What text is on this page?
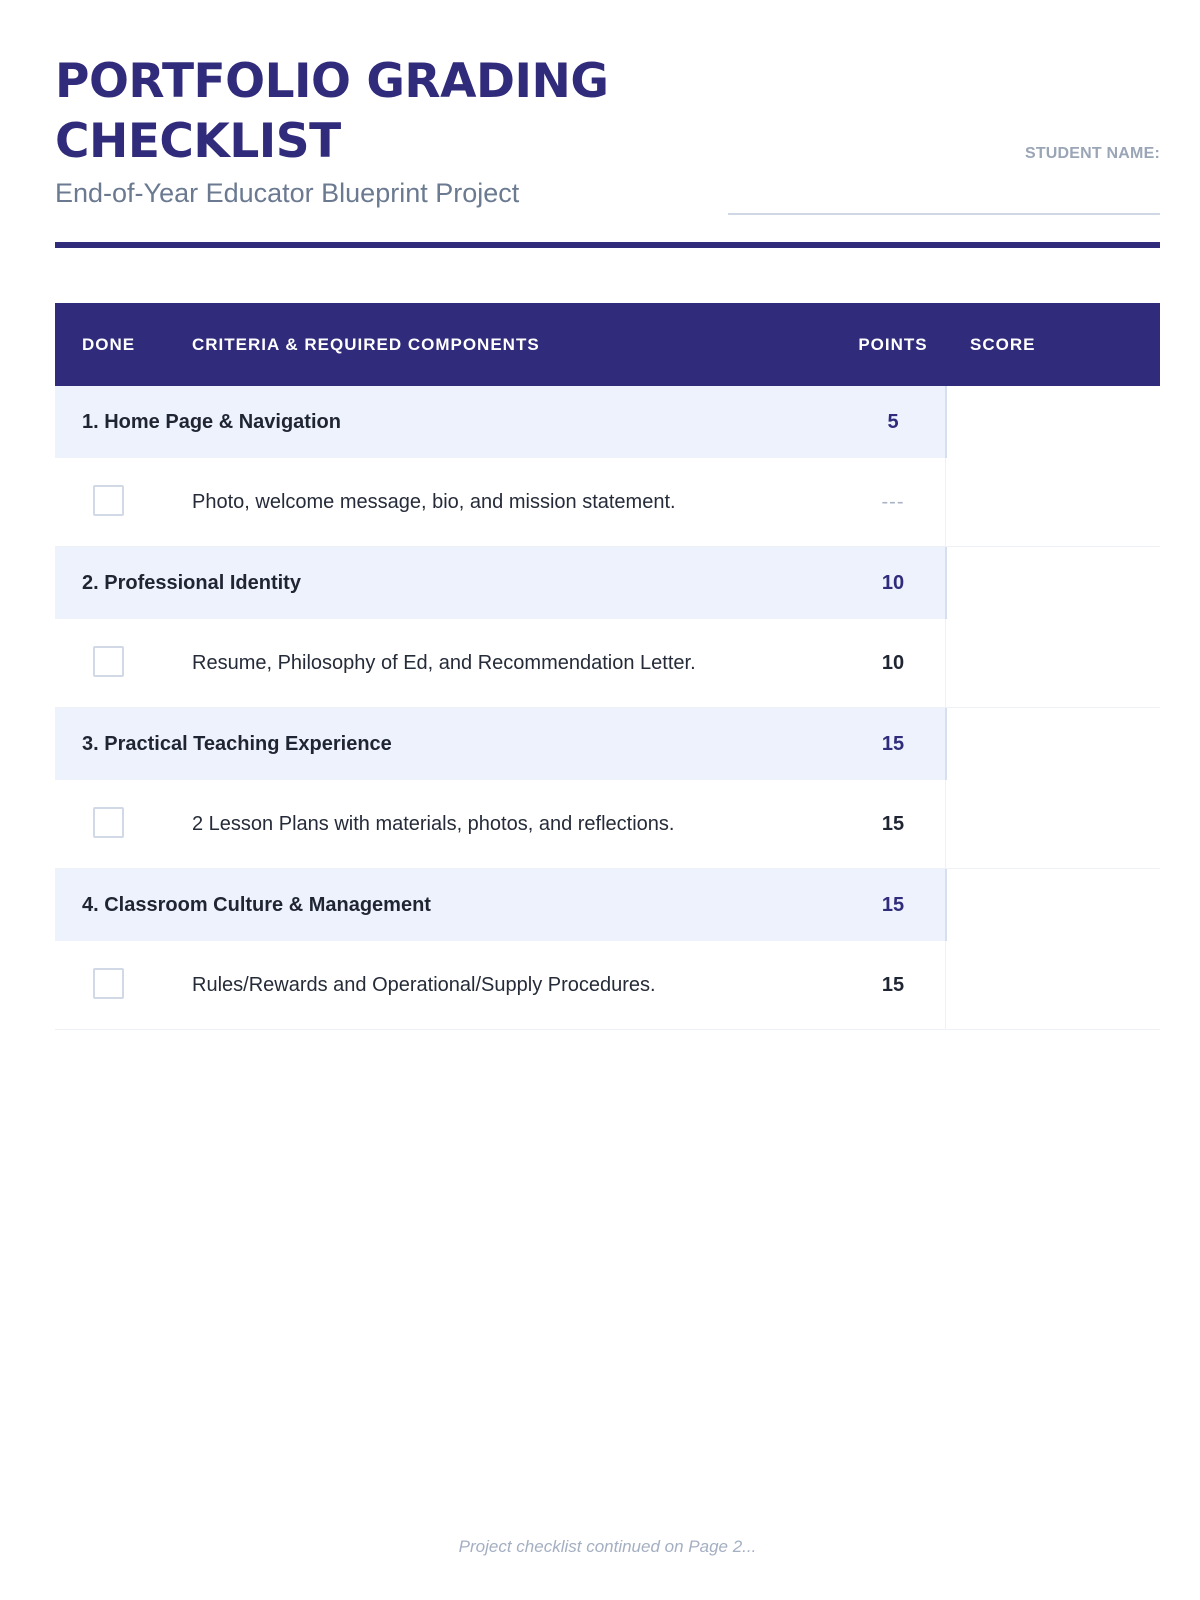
PORTFOLIO GRADING
CHECKLIST

End-of-Year Educator Blueprint Project

STUDENT NAME:
DONE	CRITERIA & REQUIRED COMPONENTS	POINTS	SCORE
1. Home Page & Navigation	5
Photo, welcome message, bio, and mission statement.	---
2. Professional Identity	10
Resume, Philosophy of Ed, and Recommendation Letter.	10
3. Practical Teaching Experience	15
2 Lesson Plans with materials, photos, and reflections.	15
4. Classroom Culture & Management	15
Rules/Rewards and Operational/Supply Procedures.	15
Project checklist continued on Page 2...
